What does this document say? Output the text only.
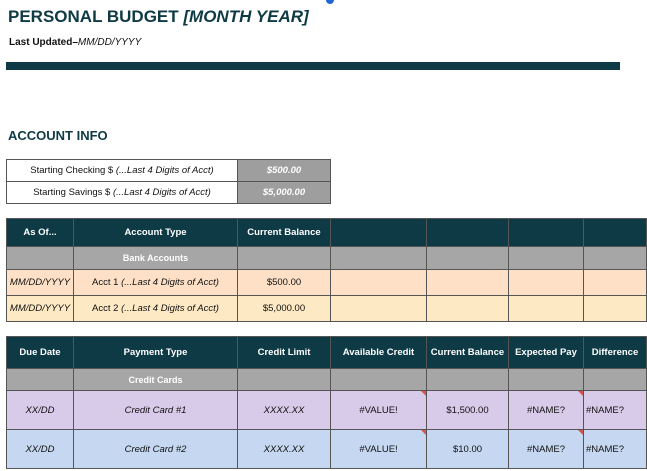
PERSONAL BUDGET [MONTH YEAR]
Last Updated–MM/DD/YYYY
ACCOUNT INFO
Starting Checking $ (...Last 4 Digits of Acct)	$500.00
Starting Savings $ (...Last 4 Digits of Acct)	$5,000.00
As Of...	Account Type	Current Balance				
	Bank Accounts					
MM/DD/YYYY	Acct 1 (...Last 4 Digits of Acct)	$500.00				
MM/DD/YYYY	Acct 2 (...Last 4 Digits of Acct)	$5,000.00				
Due Date	Payment Type	Credit Limit	Available Credit	Current Balance	Expected Pay	Difference
	Credit Cards					
XX/DD	Credit Card #1	XXXX.XX	#VALUE!	$1,500.00	#NAME?	#NAME?
XX/DD	Credit Card #2	XXXX.XX	#VALUE!	$10.00	#NAME?	#NAME?
